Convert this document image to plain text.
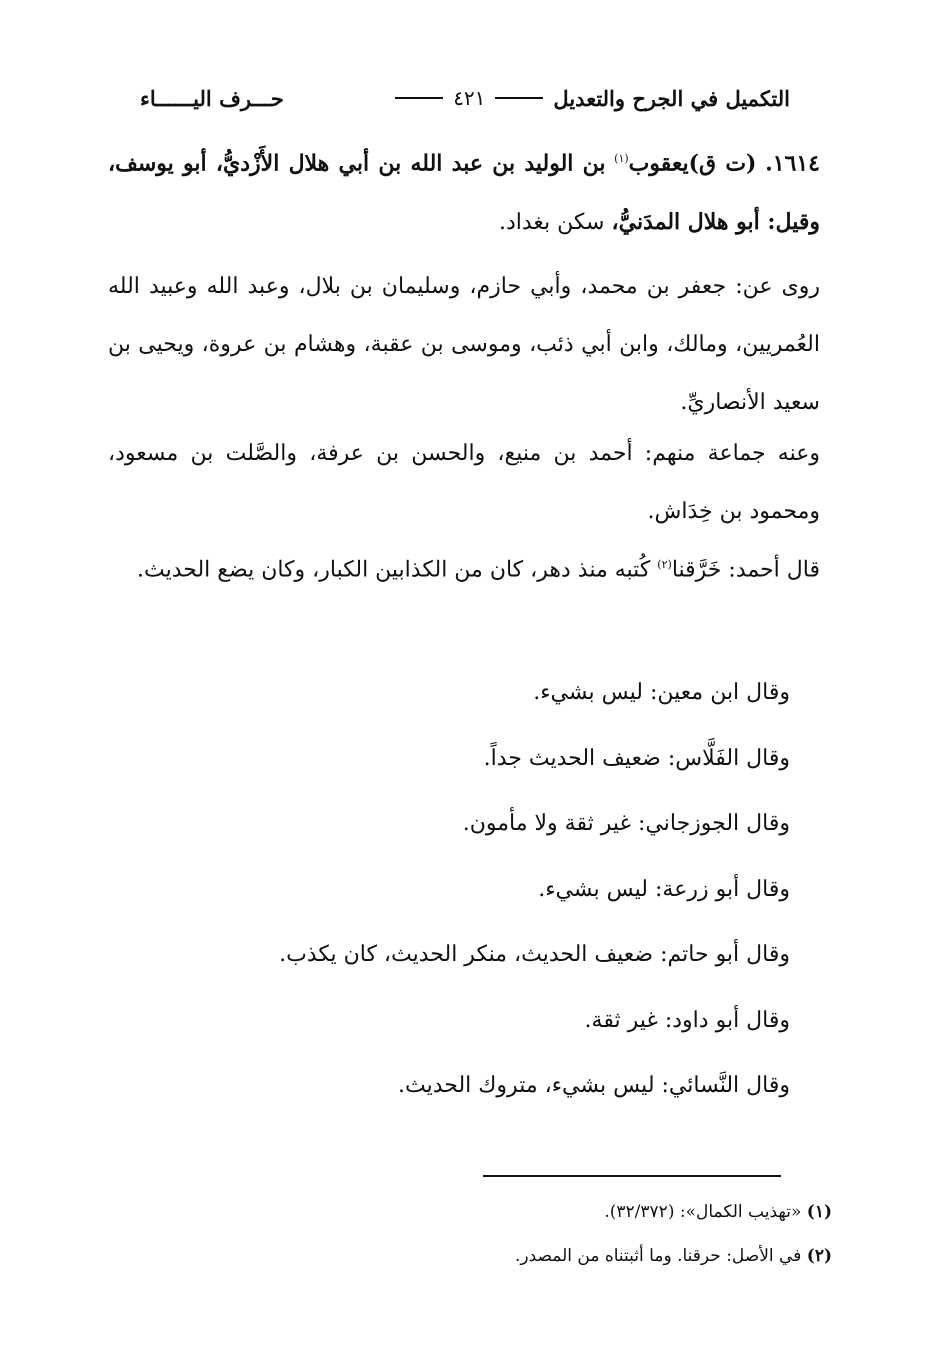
التكميل في الجرح والتعديل
٤٢١
حـــرف اليــــــاء
١٦١٤. (ت ق)يعقوب$^{(١)}$ بن الوليد بن عبد الله بن أبي هلال الأَزْديُّ، أبو يوسف، وقيل: أبو هلال المدَنيُّ، سكن بغداد.
روى عن: جعفر بن محمد، وأبي حازم، وسليمان بن بلال، وعبد الله وعبيد الله العُمريين، ومالك، وابن أبي ذئب، وموسى بن عقبة، وهشام بن عروة، ويحيى بن سعيد الأنصاريِّ.
وعنه جماعة منهم: أحمد بن منيع، والحسن بن عرفة، والصَّلت بن مسعود، ومحمود بن خِدَاش.
قال أحمد: خَرَّقنا$^{(٢)}$ كُتبه منذ دهر، كان من الكذابين الكبار، وكان يضع الحديث.
وقال ابن معين: ليس بشيء.
وقال الفَلَّاس: ضعيف الحديث جداً.
وقال الجوزجاني: غير ثقة ولا مأمون.
وقال أبو زرعة: ليس بشيء.
وقال أبو حاتم: ضعيف الحديث، منكر الحديث، كان يكذب.
وقال أبو داود: غير ثقة.
وقال النَّسائي: ليس بشيء، متروك الحديث.
(١) «تهذيب الكمال»: (٣٢/٣٧٢).
(٢) في الأصل: حرقنا. وما أثبتناه من المصدر.
